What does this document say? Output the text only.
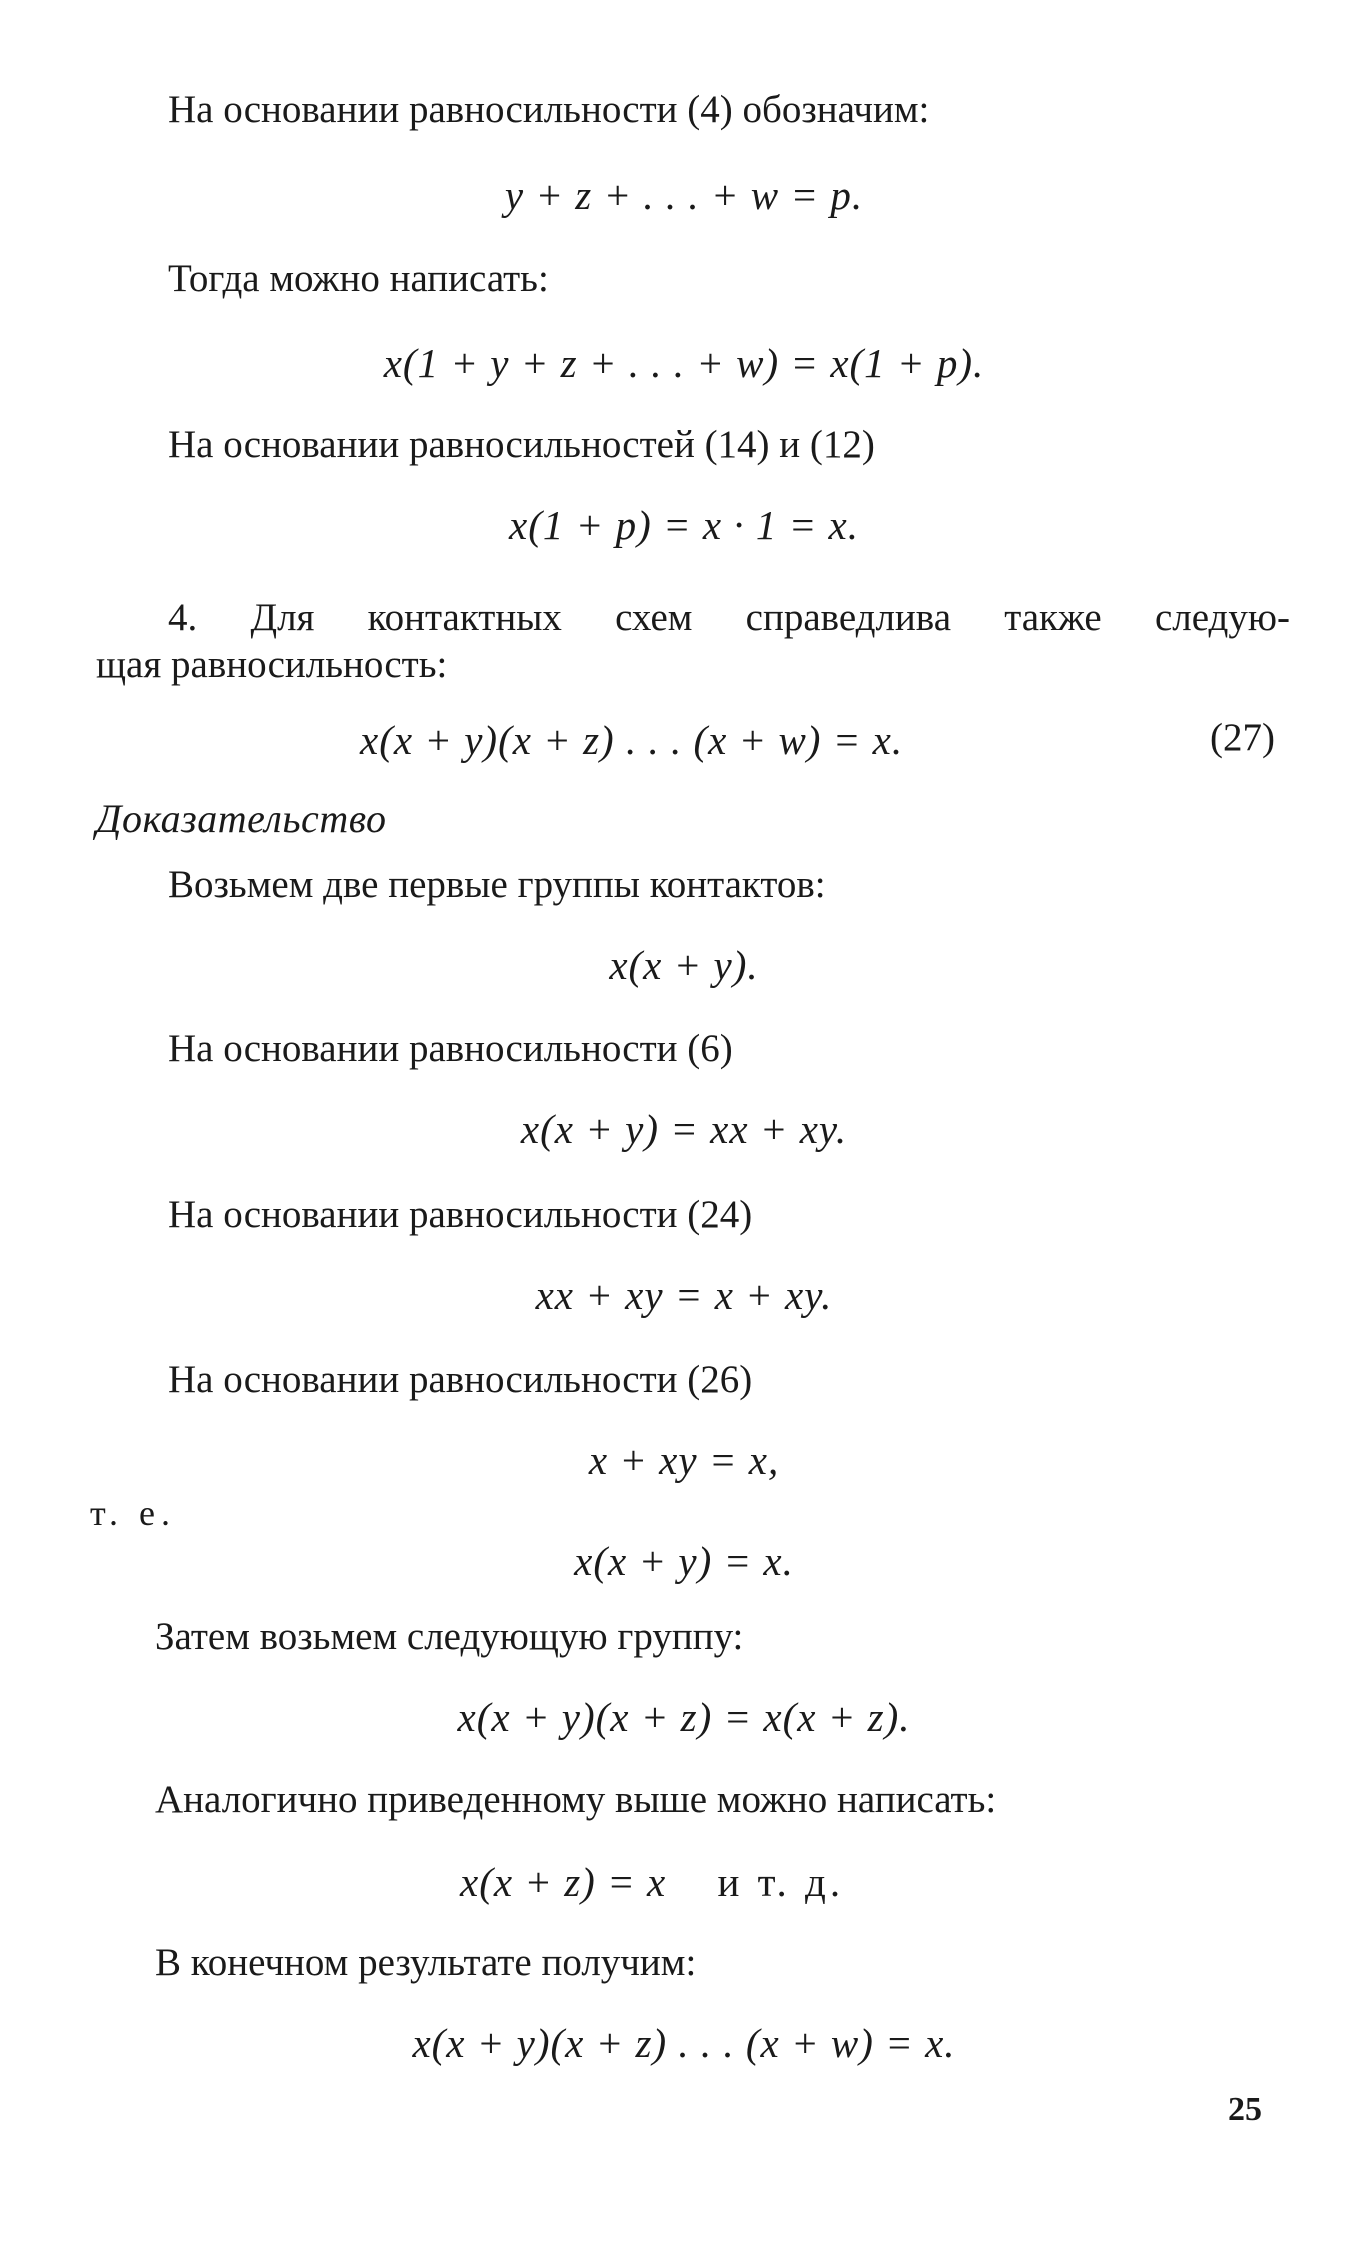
На основании равносильности (4) обозначим:
y + z + . . . + w = p.
Тогда можно написать:
x(1 + y + z + . . . + w) = x(1 + p).
На основании равносильностей (14) и (12)
x(1 + p) = x · 1 = x.
4. Для контактных схем справедлива также следую-
щая равносильность:
x(x + y)(x + z) . . . (x + w) = x.	(27)
Доказательство
Возьмем две первые группы контактов:
x(x + y).
На основании равносильности (6)
x(x + y) = xx + xy.
На основании равносильности (24)
xx + xy = x + xy.
На основании равносильности (26)
x + xy = x,
т. е.
x(x + y) = x.
Затем возьмем следующую группу:
x(x + y)(x + z) = x(x + z).
Аналогично приведенному выше можно написать:
x(x + z) = x и т. д.
В конечном результате получим:
x(x + y)(x + z) . . . (x + w) = x.
25
